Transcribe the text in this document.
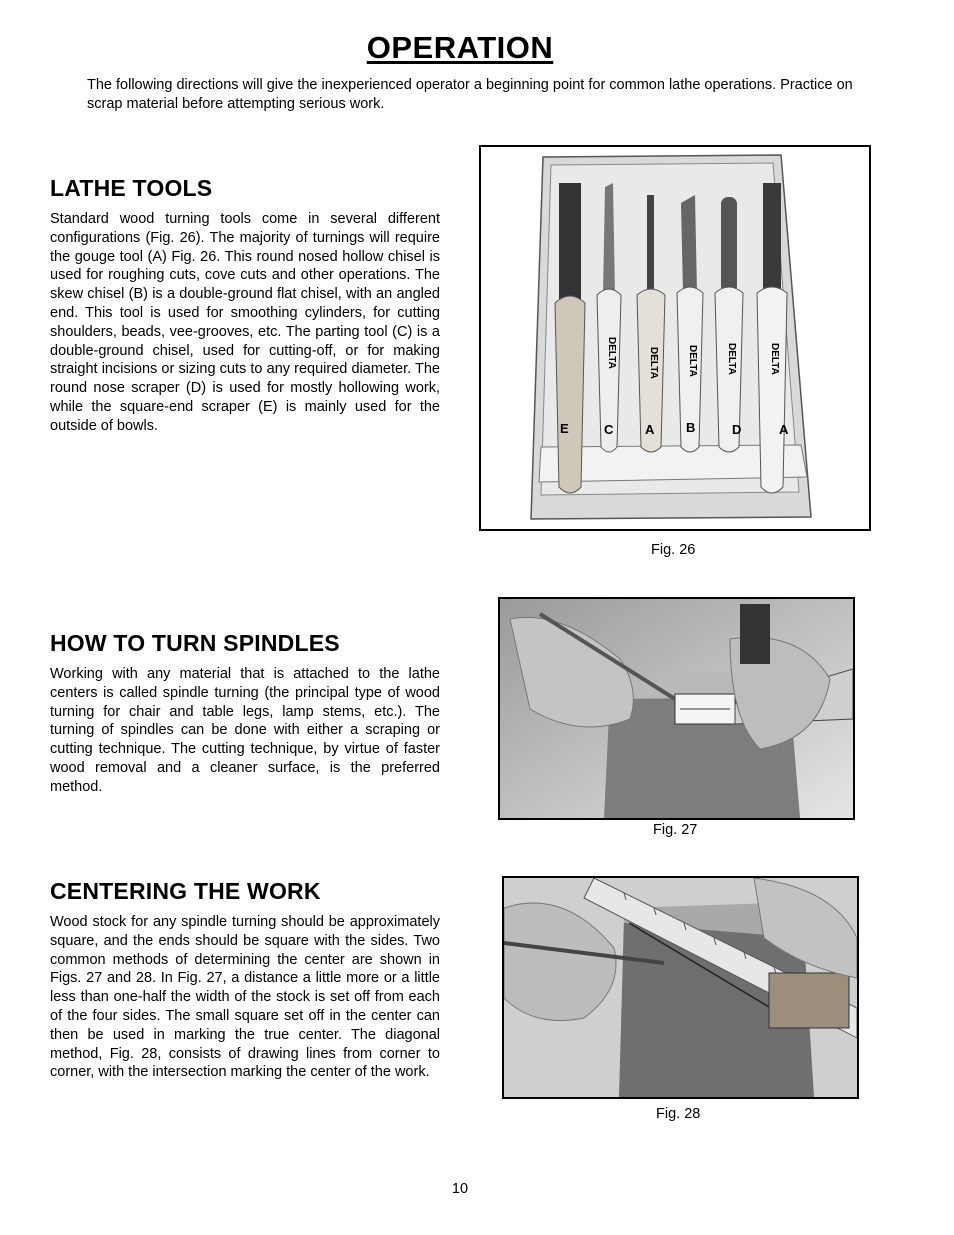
OPERATION
The following directions will give the inexperienced operator a beginning point for common lathe operations. Practice on scrap material before attempting serious work.
LATHE TOOLS

Standard wood turning tools come in several different configurations (Fig. 26). The majority of turnings will require the gouge tool (A) Fig. 26. This round nosed hollow chisel is used for roughing cuts, cove cuts and other operations. The skew chisel (B) is a double-ground flat chisel, with an angled end. This tool is used for smoothing cylinders, for cutting shoulders, beads, vee-grooves, etc. The parting tool (C) is a double-ground chisel, used for cutting-off, or for making straight incisions or sizing cuts to any required diameter. The round nose scraper (D) is used for mostly hollowing work, while the square-end scraper (E) is mainly used for the outside of bowls.

HOW TO TURN SPINDLES

Working with any material that is attached to the lathe centers is called spindle turning (the principal type of wood turning for chair and table legs, lamp stems, etc.). The turning of spindles can be done with either a scraping or cutting technique. The cutting technique, by virtue of faster wood removal and a cleaner surface, is the preferred method.

CENTERING THE WORK

Wood stock for any spindle turning should be approximately square, and the ends should be square with the sides. Two common methods of determining the center are shown in Figs. 27 and 28. In Fig. 27, a distance a little more or a little less than one-half the width of the stock is set off from each of the four sides. The small square set off in the center can then be used in marking the true center. The diagonal method, Fig. 28, consists of drawing lines from corner to corner, with the intersection marking the center of the work.

DELTA	DELTA	DELTA	DELTA	DELTA
E	C A B	D	A
Fig. 26
Fig. 27
Fig. 28
10
